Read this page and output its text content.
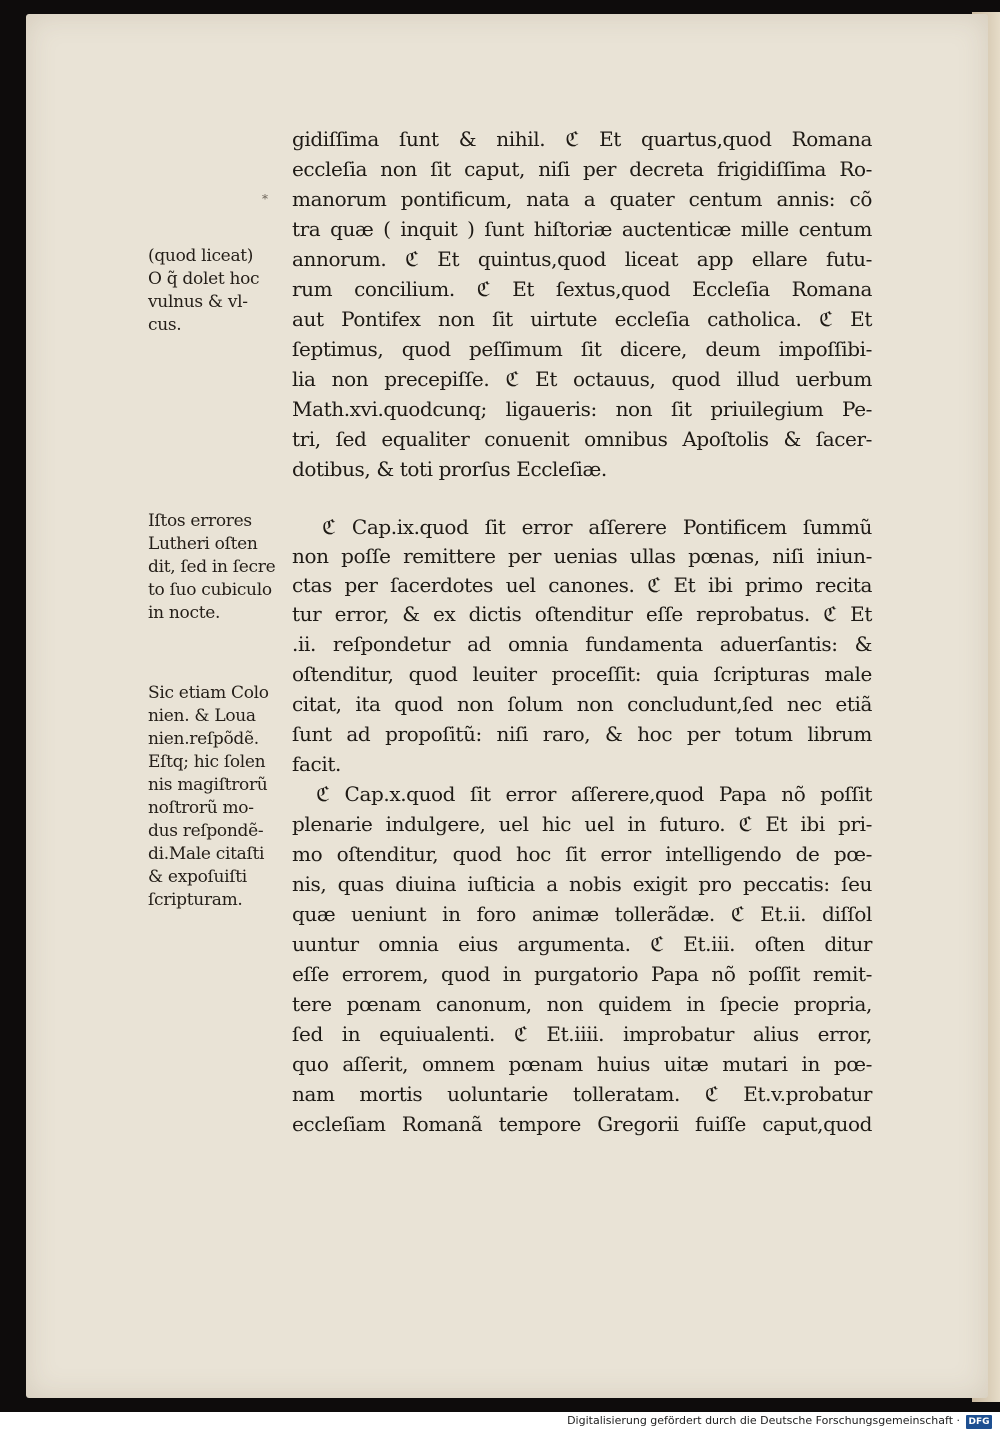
*

(quod liceat)

O q̃ dolet hoc

vulnus & vl-

cus.

Iſtos errores

Lutheri oſten

dit, ſed in ſecre

to ſuo cubiculo

in nocte.

Sic etiam Colo

nien. & Loua

nien.reſpõdẽ.

Eſtq; hic ſolen

nis magiſtrorũ

noſtrorũ mo-

dus reſpondẽ-

di.Male citaſti

& expoſuiſti

ſcripturam.

gidiſſima ſunt & nihil. ℭ Et quartus,quod Romana

eccleſia non ſit caput, niſi per decreta frigidiſſima Ro-

manorum pontificum, nata a quater centum annis: cõ

tra quæ ( inquit ) ſunt hiſtoriæ auctenticæ mille centum

annorum. ℭ Et quintus,quod liceat app ellare futu-

rum concilium. ℭ Et ſextus,quod Eccleſia Romana

aut Pontifex non ſit uirtute eccleſia catholica. ℭ Et

ſeptimus, quod peſſimum ſit dicere, deum impoſſibi-

lia non precepiſſe. ℭ Et octauus, quod illud uerbum

Math.xvi.quodcunq; ligaueris: non ſit priuilegium Pe-

tri, ſed equaliter conuenit omnibus Apoſtolis & ſacer-

dotibus, & toti prorſus Eccleſiæ.

ℭ Cap.ix.quod ſit error aſſerere Pontificem ſummũ

non poſſe remittere per uenias ullas pœnas, niſi iniun-

ctas per ſacerdotes uel canones. ℭ Et ibi primo recita

tur error, & ex dictis oſtenditur eſſe reprobatus. ℭ Et

.ii. reſpondetur ad omnia fundamenta aduerſantis: &

oſtenditur, quod leuiter proceſſit: quia ſcripturas male

citat, ita quod non ſolum non concludunt,ſed nec etiã

ſunt ad propoſitũ: niſi raro, & hoc per totum librum

facit.

ℭ Cap.x.quod ſit error aſſerere,quod Papa nõ poſſit

plenarie indulgere, uel hic uel in futuro. ℭ Et ibi pri-

mo oſtenditur, quod hoc ſit error intelligendo de pœ-

nis, quas diuina iuſticia a nobis exigit pro peccatis: ſeu

quæ ueniunt in foro animæ tollerãdæ. ℭ Et.ii. diſſol

uuntur omnia eius argumenta. ℭ Et.iii. oſten ditur

eſſe errorem, quod in purgatorio Papa nõ poſſit remit-

tere pœnam canonum, non quidem in ſpecie propria,

ſed in equiualenti. ℭ Et.iiii. improbatur alius error,

quo aſſerit, omnem pœnam huius uitæ mutari in pœ-

nam mortis uoluntarie tolleratam. ℭ Et.v.probatur

eccleſiam Romanã tempore Gregorii fuiſſe caput,quod

Digitalisierung gefördert durch die Deutsche Forschungsgemeinschaft · DFG
